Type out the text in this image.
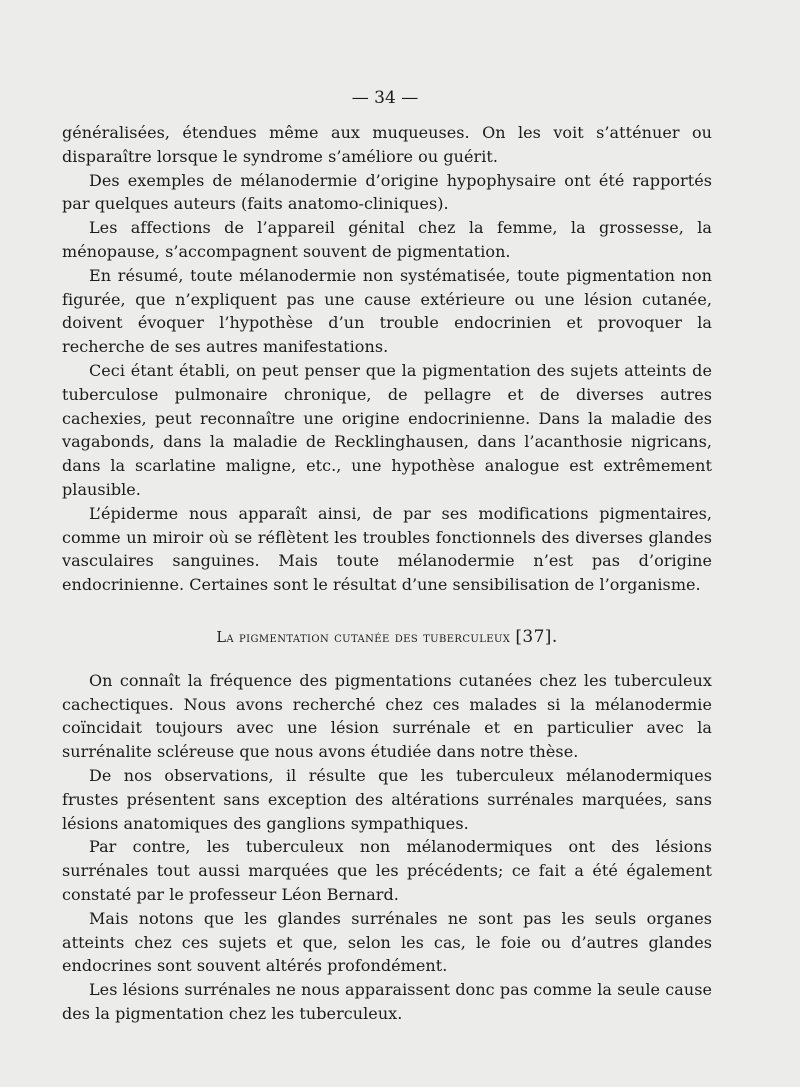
— 34 —

généralisées, étendues même aux muqueuses. On les voit s’atténuer ou disparaître lorsque le syndrome s’améliore ou guérit.

Des exemples de mélanodermie d’origine hypophysaire ont été rapportés par quelques auteurs (faits anatomo-cliniques).

Les affections de l’appareil génital chez la femme, la grossesse, la ménopause, s’accompagnent souvent de pigmentation.

En résumé, toute mélanodermie non systématisée, toute pigmentation non figurée, que n’expliquent pas une cause extérieure ou une lésion cutanée, doivent évoquer l’hypothèse d’un trouble endocrinien et provoquer la recherche de ses autres manifestations.

Ceci étant établi, on peut penser que la pigmentation des sujets atteints de tuberculose pulmonaire chronique, de pellagre et de diverses autres cachexies, peut reconnaître une origine endocrinienne. Dans la maladie des vagabonds, dans la maladie de Recklinghausen, dans l’acanthosie nigricans, dans la scarlatine maligne, etc., une hypothèse analogue est extrêmement plausible.

L’épiderme nous apparaît ainsi, de par ses modifications pigmentaires, comme un miroir où se réflètent les troubles fonctionnels des diverses glandes vasculaires sanguines. Mais toute mélanodermie n’est pas d’origine endocrinienne. Certaines sont le résultat d’une sensibilisation de l’organisme.

La pigmentation cutanée des tuberculeux [37].

On connaît la fréquence des pigmentations cutanées chez les tuberculeux cachectiques. Nous avons recherché chez ces malades si la mélanodermie coïncidait toujours avec une lésion surrénale et en particulier avec la surrénalite scléreuse que nous avons étudiée dans notre thèse.

De nos observations, il résulte que les tuberculeux mélanodermiques frustes présentent sans exception des altérations surrénales marquées, sans lésions anatomiques des ganglions sympathiques.

Par contre, les tuberculeux non mélanodermiques ont des lésions surrénales tout aussi marquées que les précédents; ce fait a été également constaté par le professeur Léon Bernard.

Mais notons que les glandes surrénales ne sont pas les seuls organes atteints chez ces sujets et que, selon les cas, le foie ou d’autres glandes endocrines sont souvent altérés profondément.

Les lésions surrénales ne nous apparaissent donc pas comme la seule cause des la pigmentation chez les tuberculeux.
